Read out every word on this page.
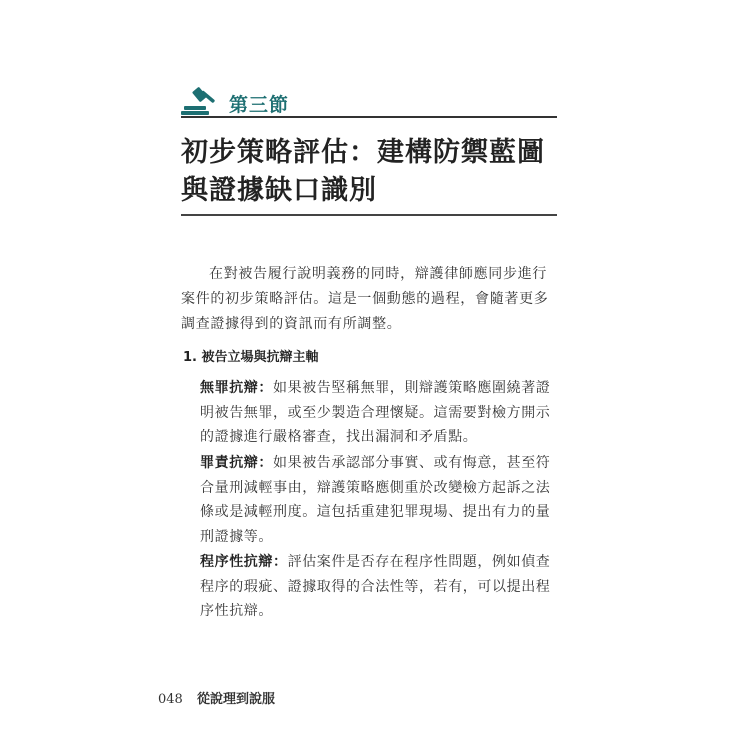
第三節
初步策略評估：建構防禦藍圖與證據缺口識別

在對被告履行說明義務的同時，辯護律師應同步進行案件的初步策略評估。這是一個動態的過程，會隨著更多調查證據得到的資訊而有所調整。

1. 被告立場與抗辯主軸

無罪抗辯：如果被告堅稱無罪，則辯護策略應圍繞著證明被告無罪，或至少製造合理懷疑。這需要對檢方開示的證據進行嚴格審查，找出漏洞和矛盾點。

罪責抗辯：如果被告承認部分事實、或有悔意，甚至符合量刑減輕事由，辯護策略應側重於改變檢方起訴之法條或是減輕刑度。這包括重建犯罪現場、提出有力的量刑證據等。

程序性抗辯：評估案件是否存在程序性問題，例如偵查程序的瑕疵、證據取得的合法性等，若有，可以提出程序性抗辯。

048 從說理到說服
